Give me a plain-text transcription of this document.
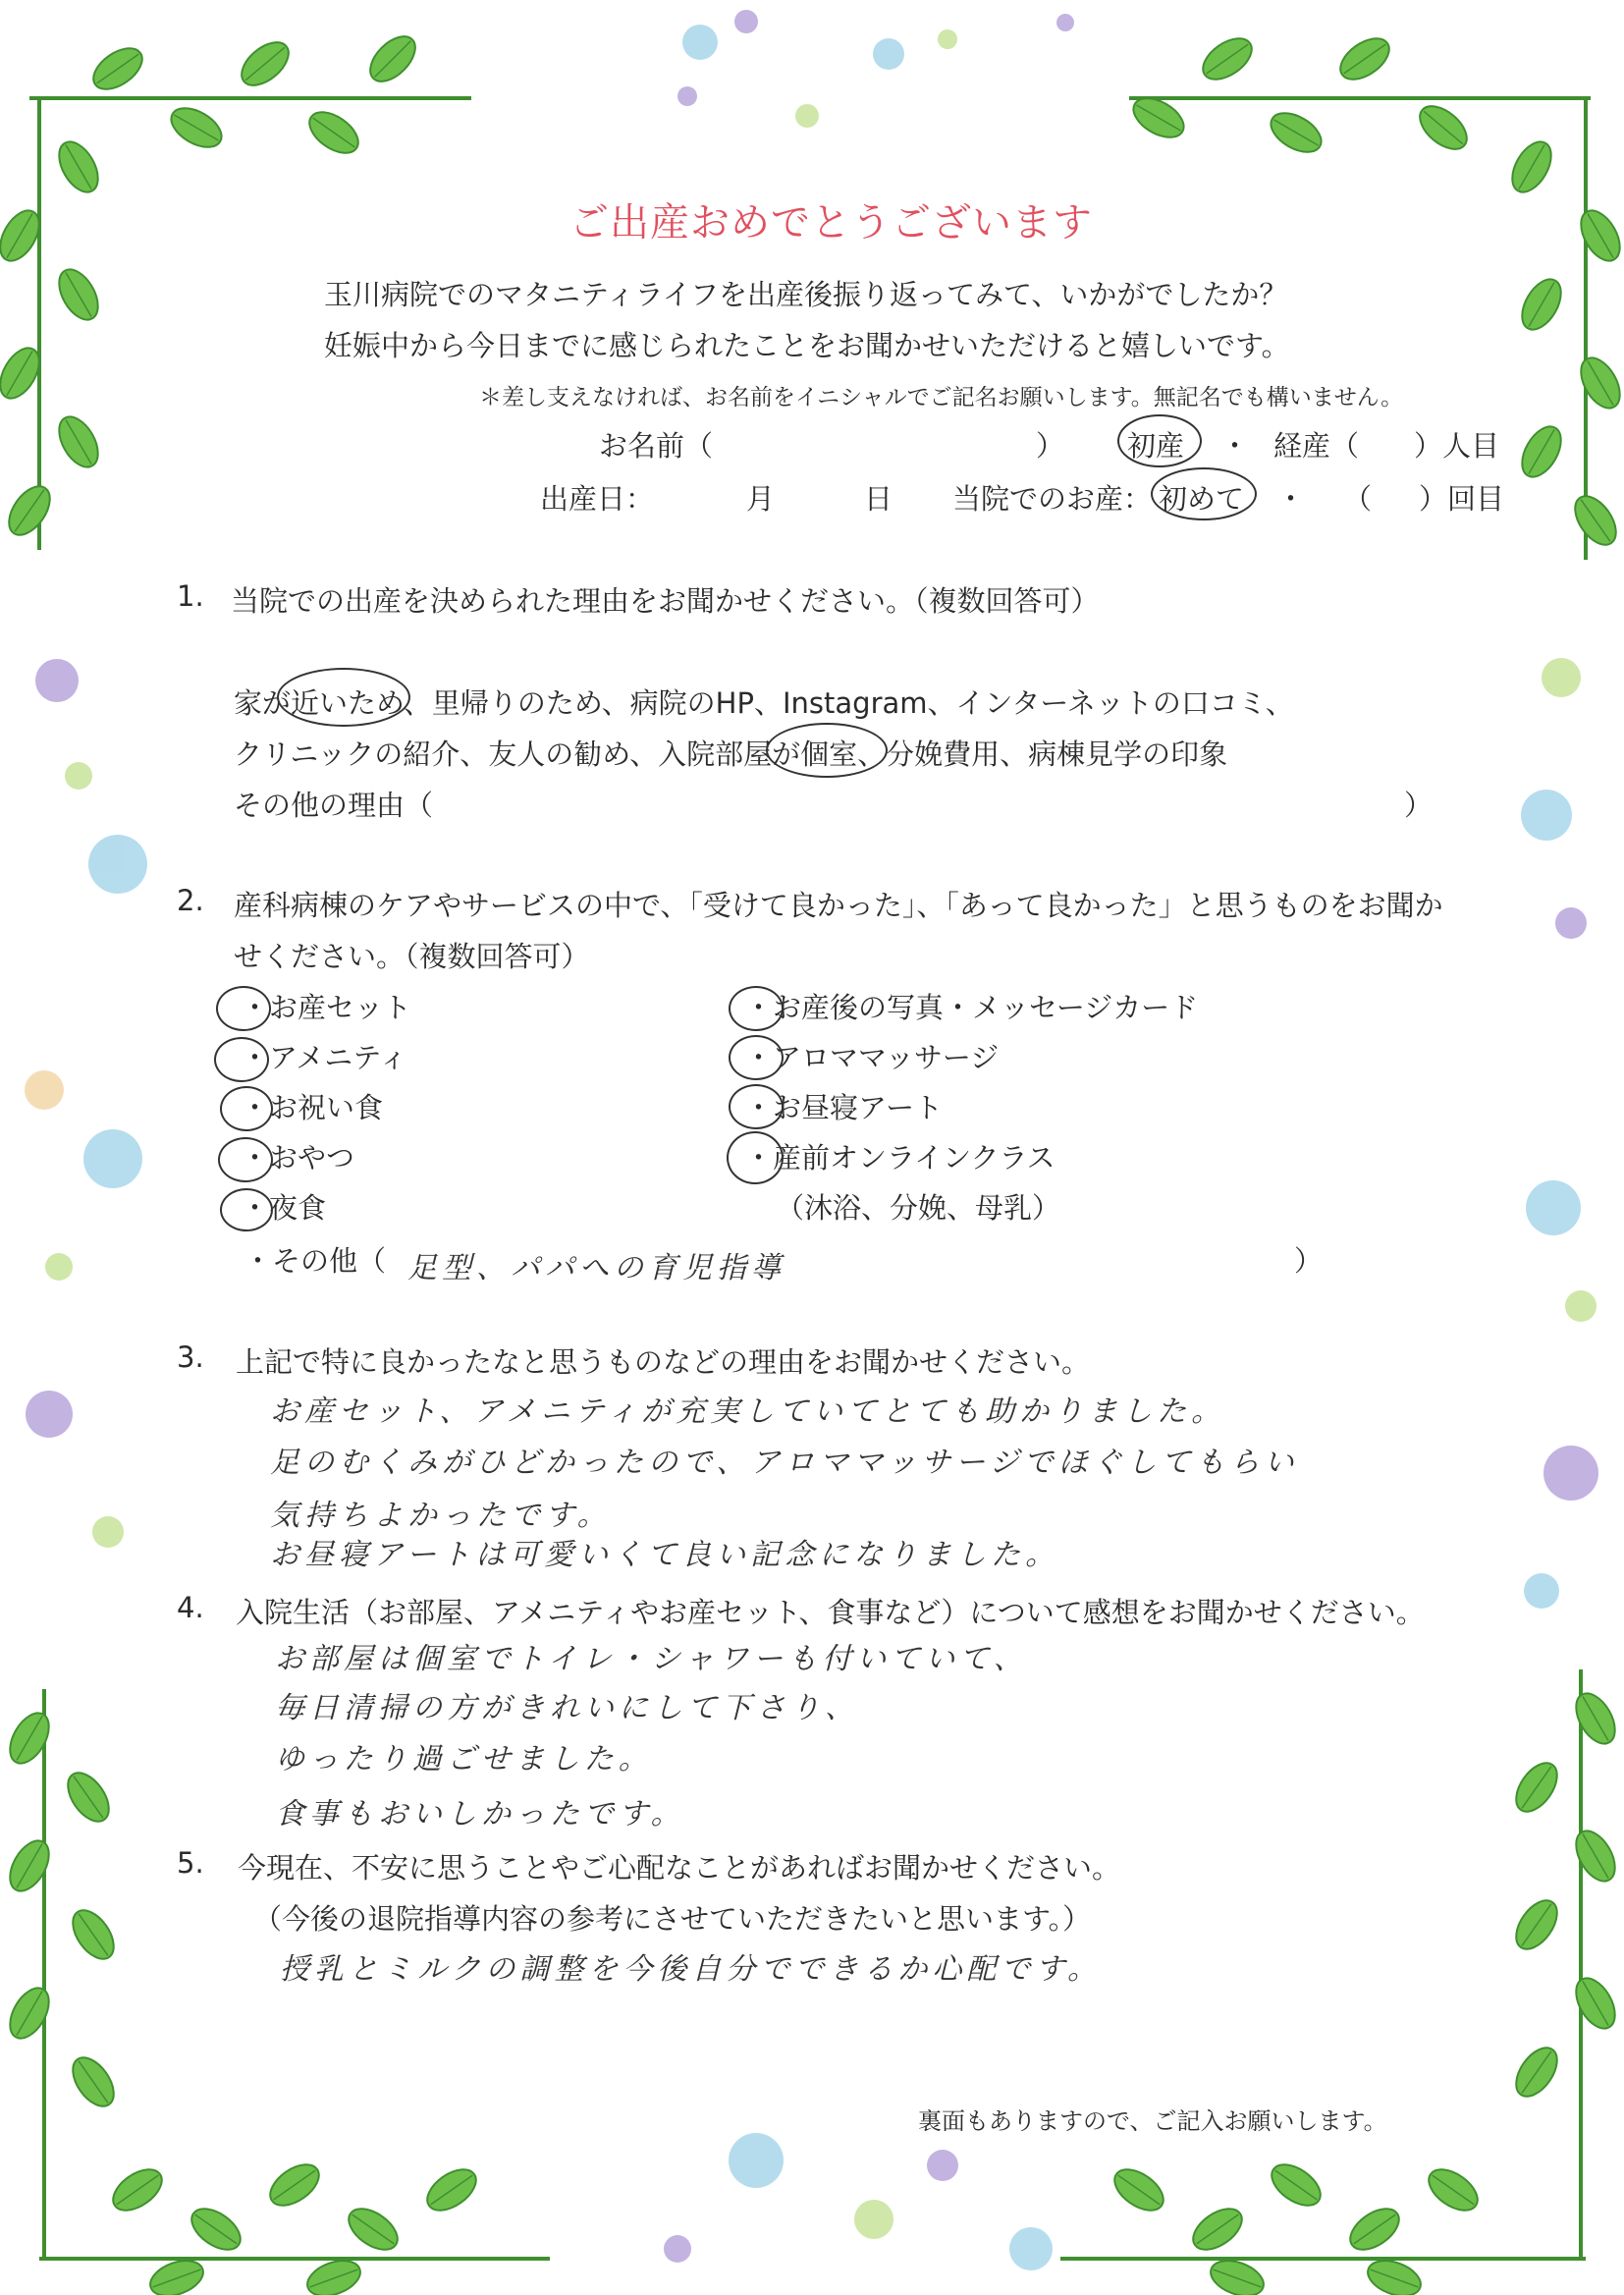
ご出産おめでとうございます
玉川病院でのマタニティライフを出産後振り返ってみて、いかがでしたか？
妊娠中から今日までに感じられたことをお聞かせいただけると嬉しいです。
＊差し支えなければ、お名前をイニシャルでご記名お願いします。無記名でも構いません。
お名前（	） 初産 ・ 経産（ ）人目
出産日：	月	日 当院でのお産： 初めて ・ （ ）回目
1. 当院での出産を決められた理由をお聞かせください。（複数回答可）
家が近いため、里帰りのため、病院のHP、Instagram、インターネットの口コミ、
クリニックの紹介、友人の勧め、入院部屋が個室、分娩費用、病棟見学の印象
その他の理由（	）
2. 産科病棟のケアやサービスの中で、「受けて良かった」、「あって良かった」と思うものをお聞か
せください。（複数回答可）
・お産セット
・アメニティ
・お祝い食
・おやつ
・夜食
・お産後の写真・メッセージカード
・アロママッサージ
・お昼寝アート
・産前オンラインクラス
（沐浴、分娩、母乳）
・その他（ 足型、パパへの育児指導	）
3. 上記で特に良かったなと思うものなどの理由をお聞かせください。
お産セット、アメニティが充実していてとても助かりました。
足のむくみがひどかったので、アロママッサージでほぐしてもらい
気持ちよかったです。
お昼寝アートは可愛いくて良い記念になりました。
4. 入院生活（お部屋、アメニティやお産セット、食事など）について感想をお聞かせください。
お部屋は個室でトイレ・シャワーも付いていて、
毎日清掃の方がきれいにして下さり、
ゆったり過ごせました。
食事もおいしかったです。
5. 今現在、不安に思うことやご心配なことがあればお聞かせください。
（今後の退院指導内容の参考にさせていただきたいと思います。）
授乳とミルクの調整を今後自分でできるか心配です。
裏面もありますので、ご記入お願いします。
